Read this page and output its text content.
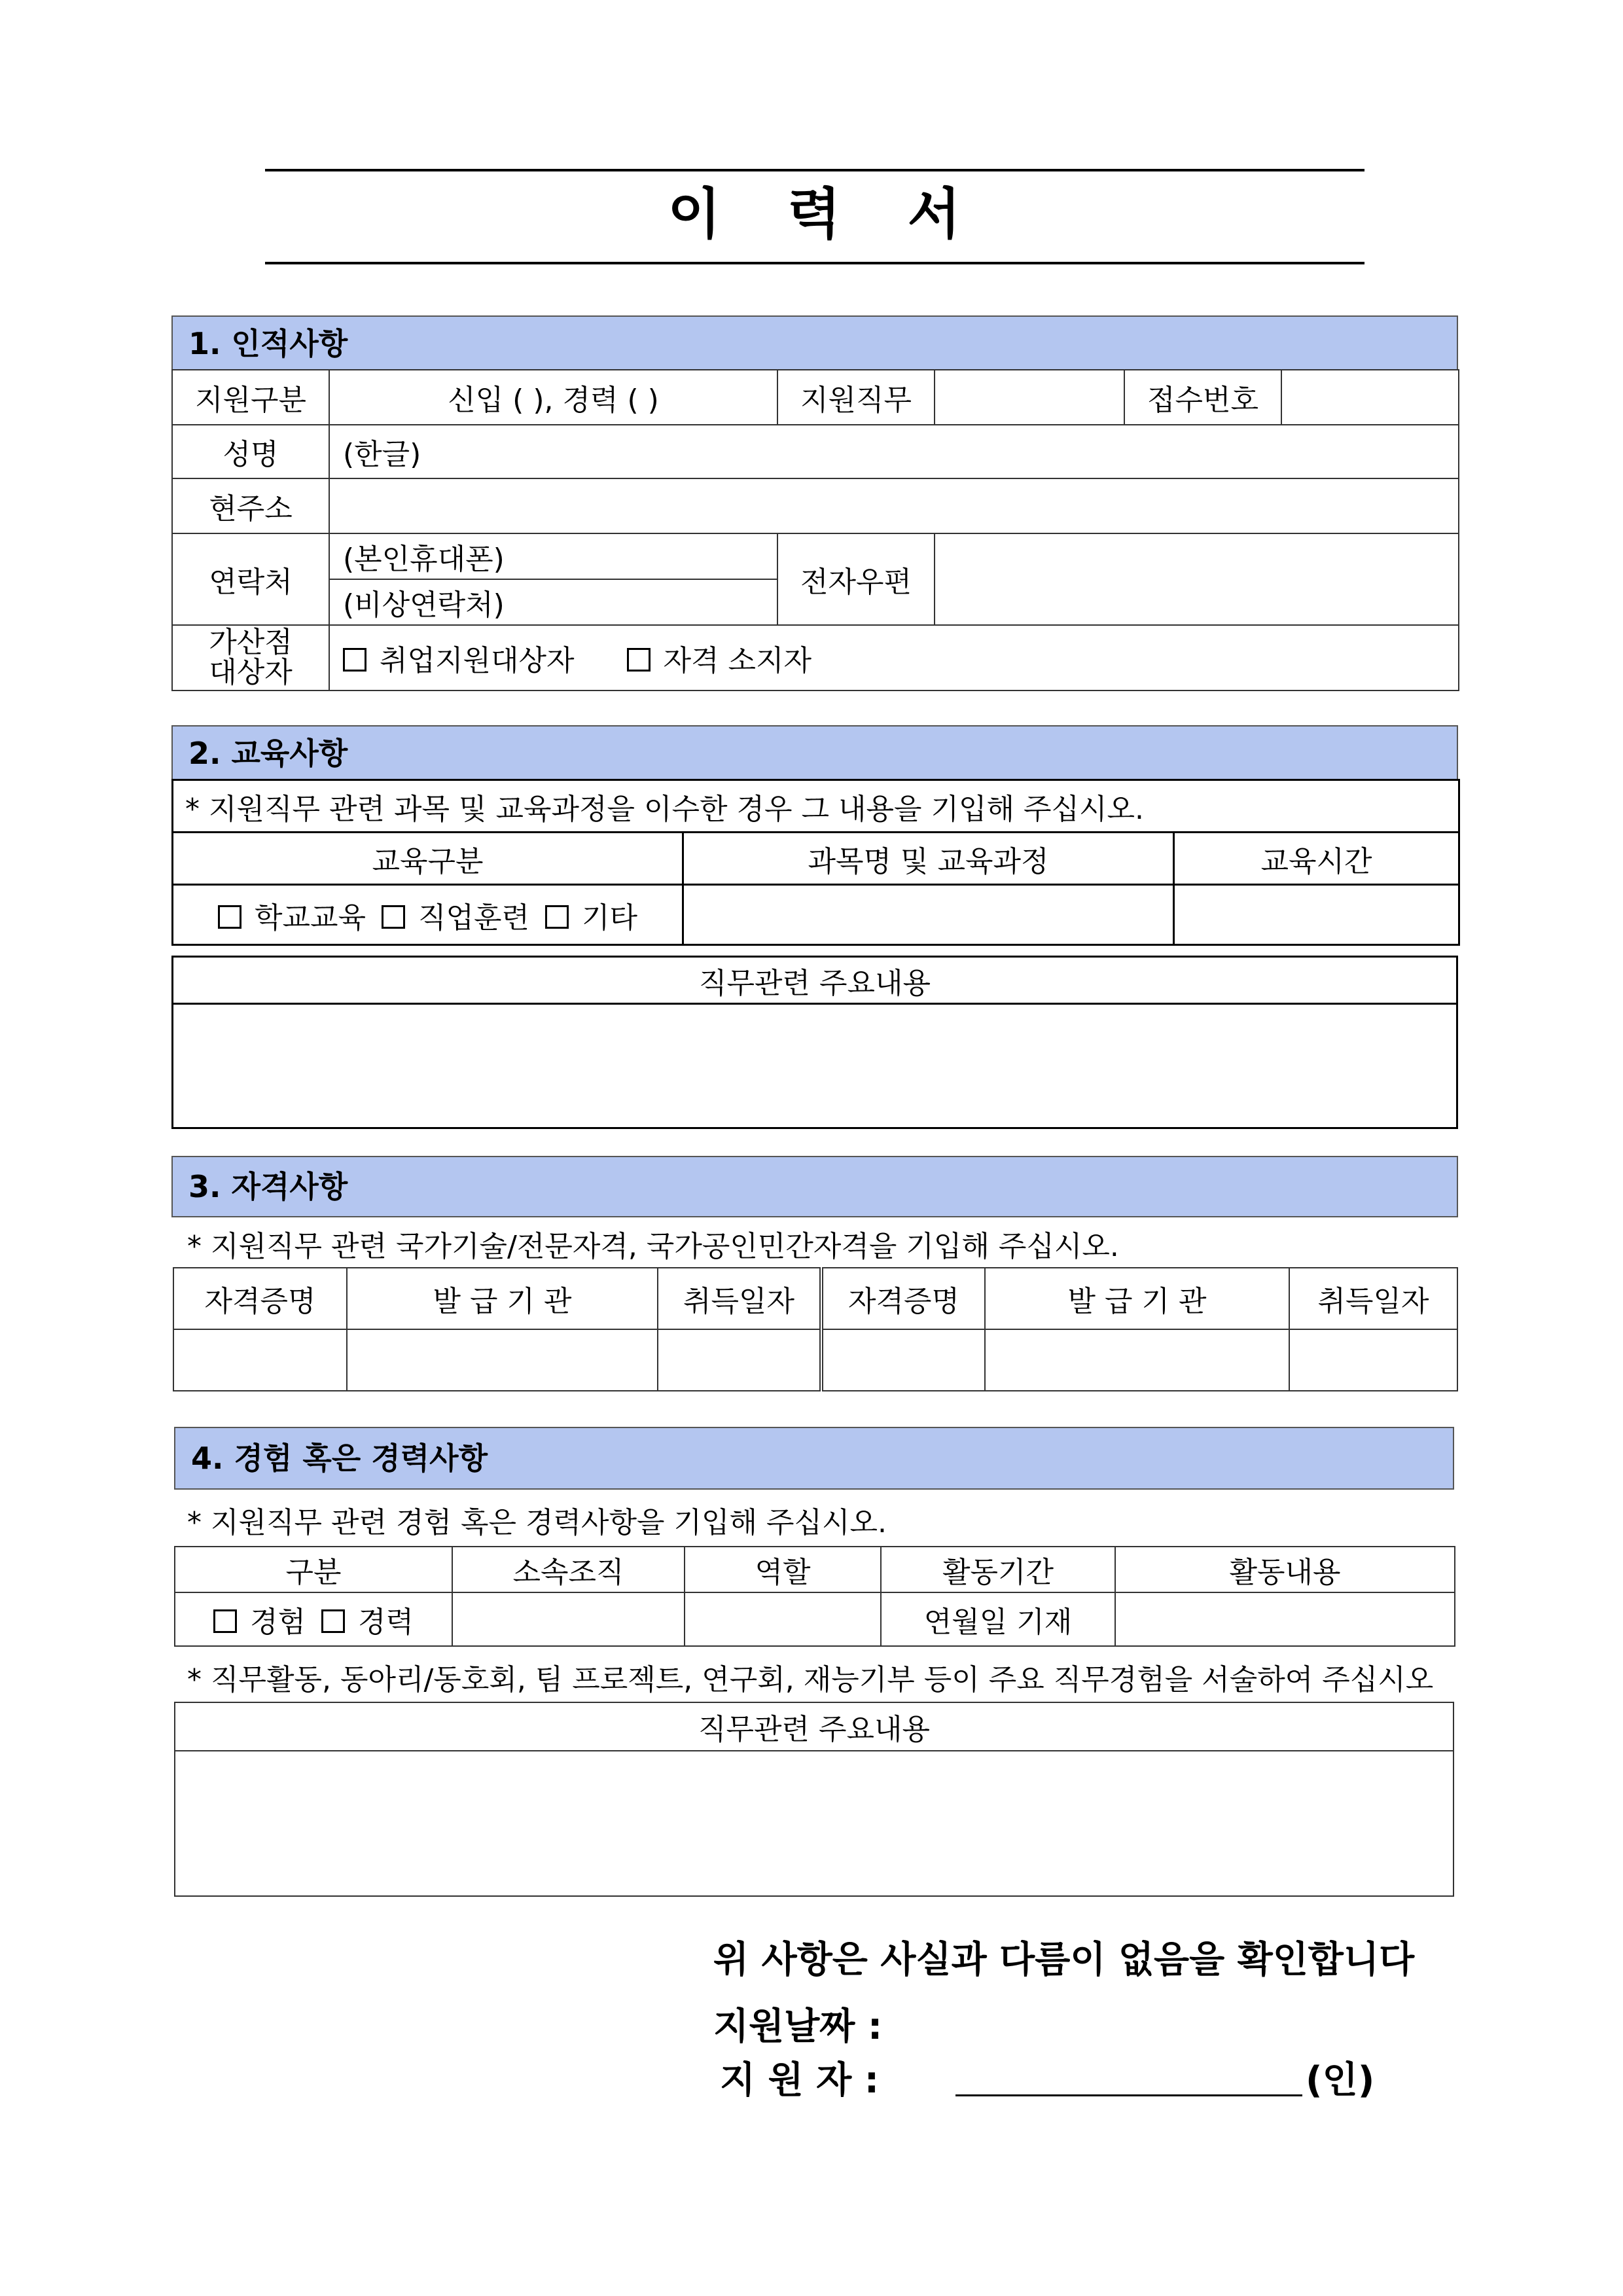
이 력 서
1. 인적사항
지원구분	신입 ( ), 경력 ( )	지원직무		접수번호	
성명	(한글)				
현주소					
연락처	(본인휴대폰)	전자우편			
	(비상연락처)				

가산점
대상자	취업지원대상자 자격 소지자				
2. 교육사항
* 지원직무 관련 과목 및 교육과정을 이수한 경우 그 내용을 기입해 주십시오.		
교육구분	과목명 및 교육과정	교육시간
학교교육 직업훈련 기타		
직무관련 주요내용

3. 자격사항
* 지원직무 관련 국가기술/전문자격, 국가공인민간자격을 기입해 주십시오.
자격증명	발 급 기 관	취득일자	자격증명	발 급 기 관	취득일자

4. 경험 혹은 경력사항
* 지원직무 관련 경험 혹은 경력사항을 기입해 주십시오.
구분	소속조직	역할	활동기간	활동내용
경험 경력			연월일 기재	
* 직무활동, 동아리/동호회, 팀 프로젝트, 연구회, 재능기부 등이 주요 직무경험을 서술하여 주십시오
직무관련 주요내용

위 사항은 사실과 다름이 없음을 확인합니다
지원날짜 :
지 원 자 :	(인)
